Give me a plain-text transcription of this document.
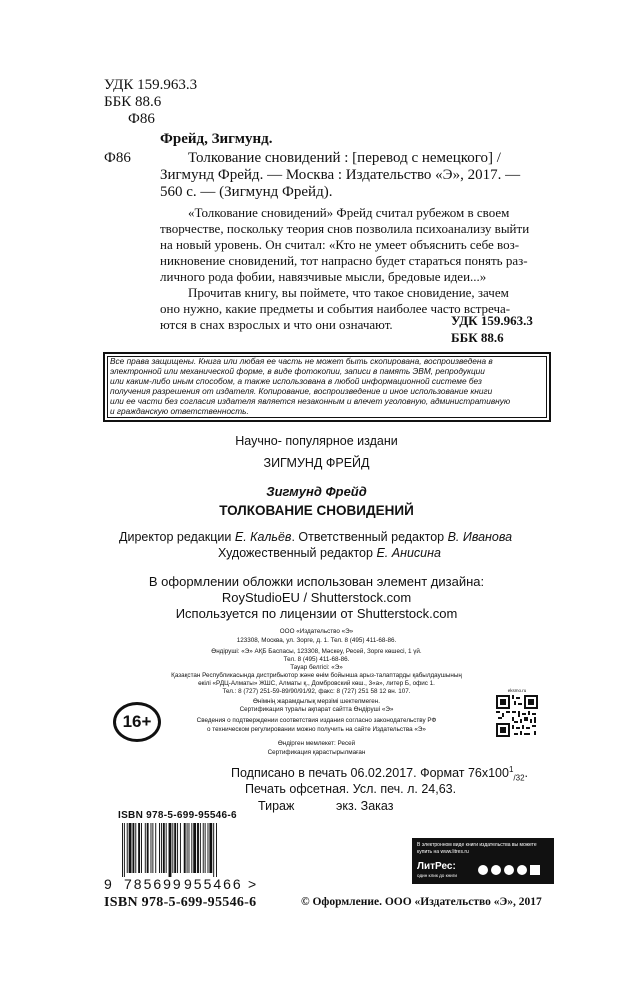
УДК 159.963.3
ББК 88.6
Ф86
Фрейд, Зигмунд.
Ф86	Толкование сновидений : [перевод с немецкого] /
Зигмунд Фрейд. — Москва : Издательство «Э», 2017. —
560 с. — (Зигмунд Фрейд).
«Толкование сновидений» Фрейд считал рубежом в своем
творчестве, поскольку теория снов позволила психоанализу выйти
на новый уровень. Он считал: «Кто не умеет объяснить себе воз-
никновение сновидений, тот напрасно будет стараться понять раз-
личного рода фобии, навязчивые мысли, бредовые идеи...»
Прочитав книгу, вы поймете, что такое сновидение, зачем
оно нужно, какие предметы и события наиболее часто встреча-
ются в снах взрослых и что они означают.	УДК 159.963.3
ББК 88.6
Все права защищены. Книга или любая ее часть не может быть скопирована, воспроизведена в
электронной или механической форме, в виде фотокопии, записи в память ЭВМ, репродукции
или каким-либо иным способом, а также использована в любой информационной системе без
получения разрешения от издателя. Копирование, воспроизведение и иное использование книги
или ее части без согласия издателя является незаконным и влечет уголовную, административную
и гражданскую ответственность.
Научно- популярное издани
ЗИГМУНД ФРЕЙД
Зигмунд Фрейд
ТОЛКОВАНИЕ СНОВИДЕНИЙ
Директор редакции Е. Кальёв. Ответственный редактор В. Иванова
Художественный редактор Е. Анисина
В оформлении обложки использован элемент дизайна:
RoyStudioEU / Shutterstock.com
Используется по лицензии от Shutterstock.com
ООО «Издательство «Э»
123308, Москва, ул. Зорге, д. 1. Тел. 8 (495) 411-68-86.
Өндіруші: «Э» АҚБ Баспасы, 123308, Мәскеу, Ресей, Зорге көшесі, 1 үй.
Тел. 8 (495) 411-68-86.
Тауар белгісі: «Э»
Қазақстан Республикасында дистрибьютор және өнім бойынша арыз-талаптарды қабылдаушының
өкілі «РДЦ-Алматы» ЖШС, Алматы қ., Домбровский көш., 3«а», литер Б, офис 1.
Тел.: 8 (727) 251-59-89/90/91/92, факс: 8 (727) 251 58 12 вн. 107.
Өнімнің жарамдылық мерзімі шектелмеген.
Сертификация туралы ақпарат сайтта Өндіруші «Э»
Сведения о подтверждении соответствия издания согласно законодательству РФ
о техническом регулировании можно получить на сайте Издательства «Э»
Өндірген мемлекет: Ресей
Сертификация қарастырылмаған
16+
eksmo.ru
Подписано в печать 06.02.2017. Формат $76x100^1_{/32}$.
Печать офсетная. Усл. печ. л. 24,63.
Тираж	экз. Заказ
ISBN 978-5-699-95546-6
9 785699 955466 >
ISBN 978-5-699-95546-6	© Оформление. ООО «Издательство «Э», 2017
В электронном виде книги издательства вы можете
купить на www.litres.ru
ЛитРес:
один клик до книги
